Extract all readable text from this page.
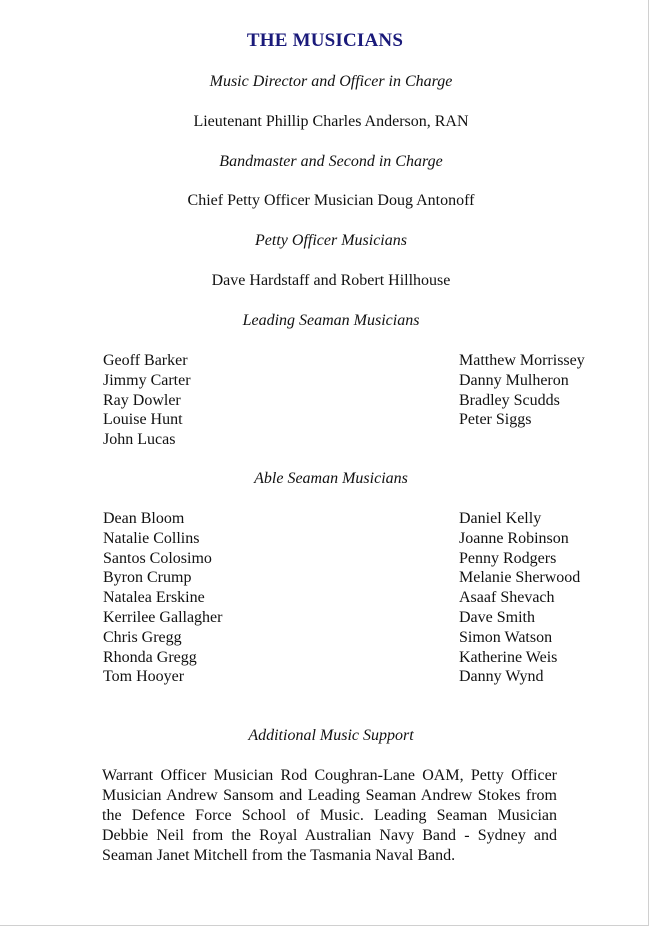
THE MUSICIANS
Music Director and Officer in Charge
Lieutenant Phillip Charles Anderson, RAN
Bandmaster and Second in Charge
Chief Petty Officer Musician Doug Antonoff
Petty Officer Musicians
Dave Hardstaff and Robert Hillhouse
Leading Seaman Musicians
Geoff Barker
Jimmy Carter
Ray Dowler
Louise Hunt
John Lucas
Matthew Morrissey
Danny Mulheron
Bradley Scudds
Peter Siggs
Able Seaman Musicians
Dean Bloom
Natalie Collins
Santos Colosimo
Byron Crump
Natalea Erskine
Kerrilee Gallagher
Chris Gregg
Rhonda Gregg
Tom Hooyer
Daniel Kelly
Joanne Robinson
Penny Rodgers
Melanie Sherwood
Asaaf Shevach
Dave Smith
Simon Watson
Katherine Weis
Danny Wynd
Additional Music Support
Warrant Officer Musician Rod Coughran-Lane OAM, Petty Officer Musician Andrew Sansom and Leading Seaman Andrew Stokes from the Defence Force School of Music. Leading Seaman Musician Debbie Neil from the Royal Australian Navy Band - Sydney and Seaman Janet Mitchell from the Tasmania Naval Band.
